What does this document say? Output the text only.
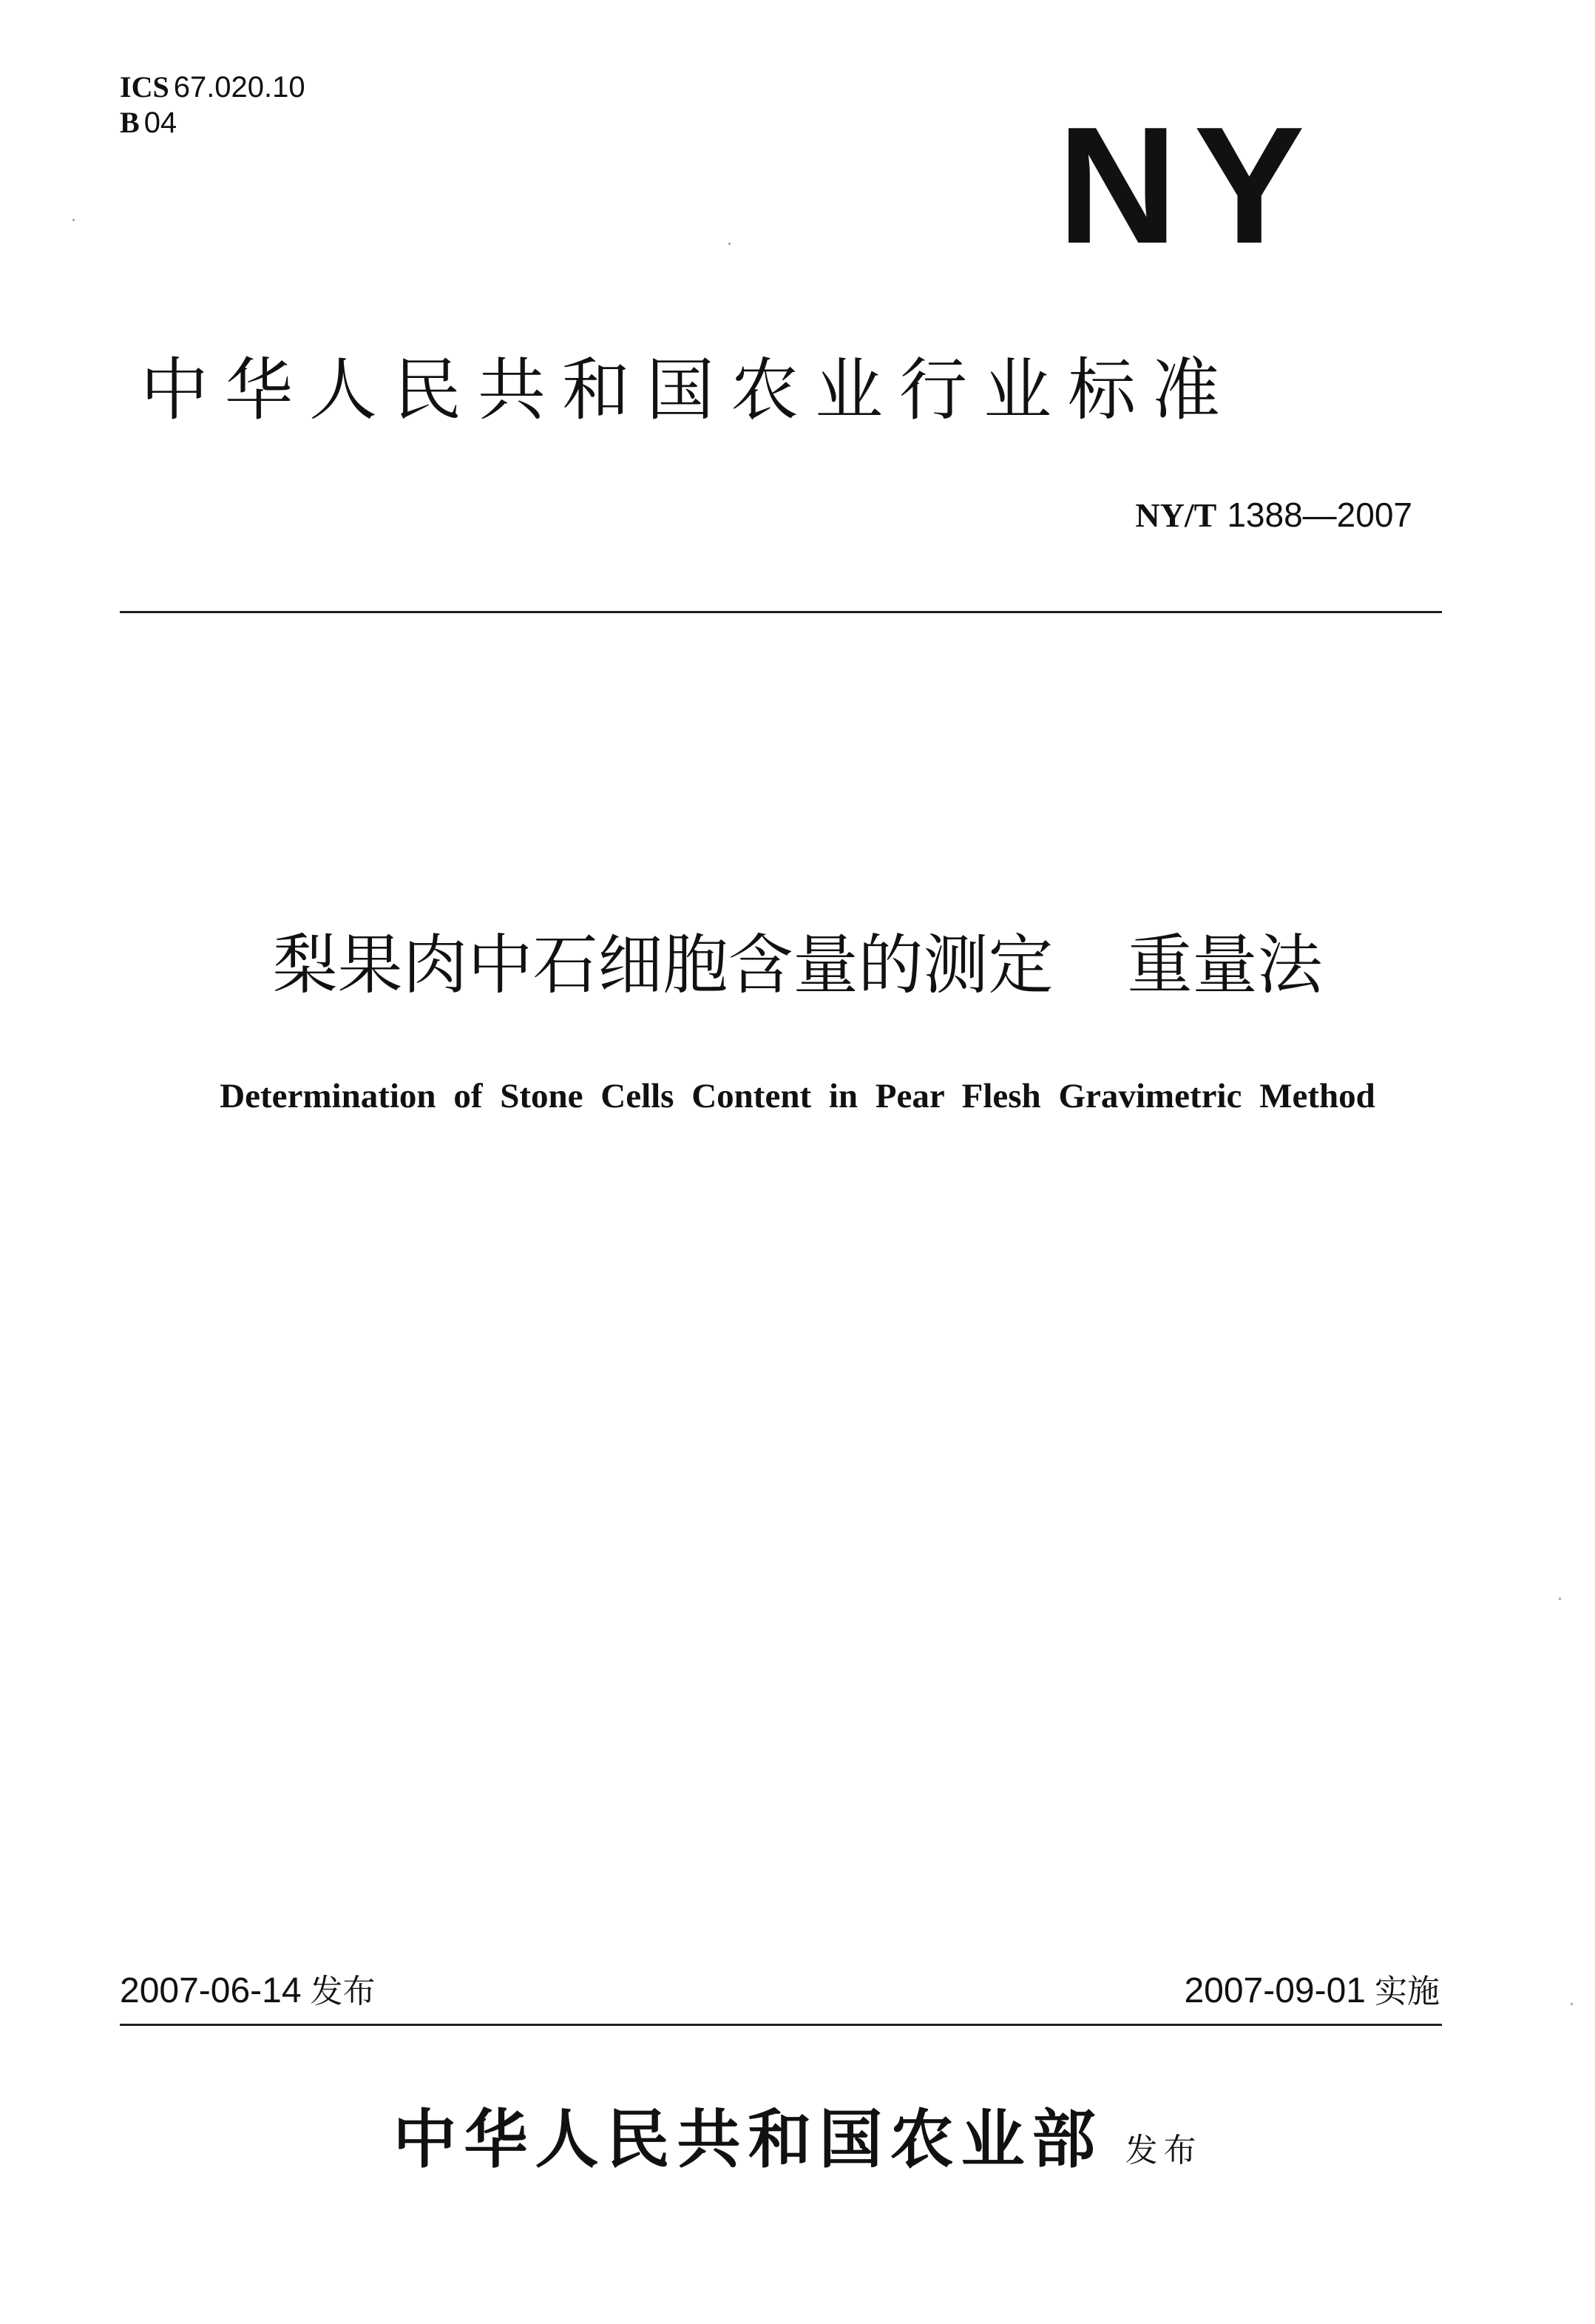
ICS 67.020.10
B 04	NY
中华人民共和国农业行业标准
NY/T 1388—2007
梨果肉中石细胞含量的测定 重量法
Determination of Stone Cells Content in Pear Flesh Gravimetric Method
2007-06-14 发布	2007-09-01 实施
中华人民共和国农业部 发布
